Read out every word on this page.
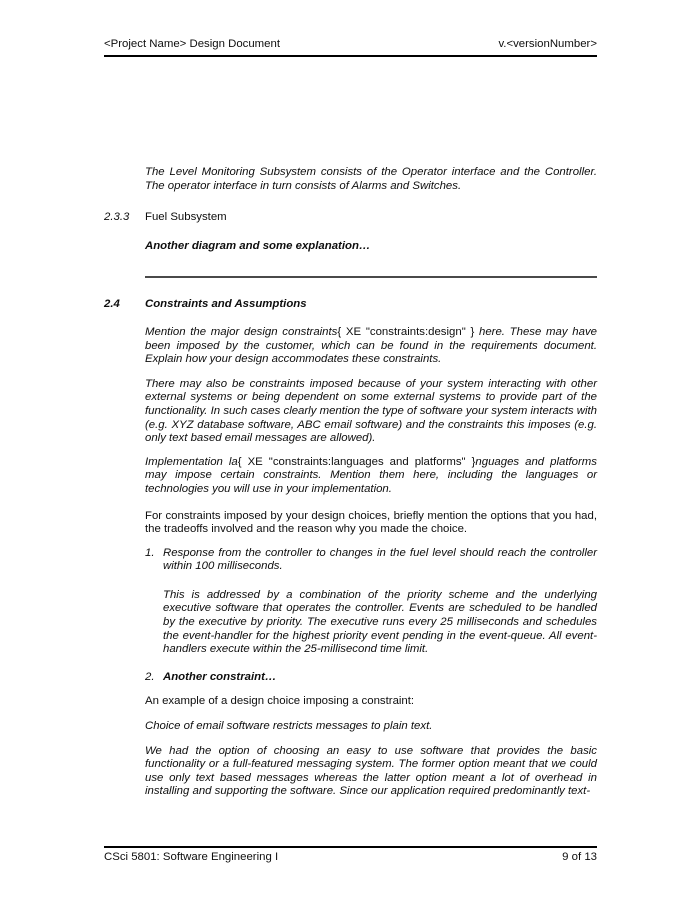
<Project Name> Design Document	v.<versionNumber>

The Level Monitoring Subsystem consists of the Operator interface and the Controller. The operator interface in turn consists of Alarms and Switches.

2.3.3 Fuel Subsystem

Another diagram and some explanation…

2.4 Constraints and Assumptions

Mention the major design constraints{ XE "constraints:design" } here. These may have been imposed by the customer, which can be found in the requirements document. Explain how your design accommodates these constraints.

There may also be constraints imposed because of your system interacting with other external systems or being dependent on some external systems to provide part of the functionality. In such cases clearly mention the type of software your system interacts with (e.g. XYZ database software, ABC email software) and the constraints this imposes (e.g. only text based email messages are allowed).

Implementation la{ XE "constraints:languages and platforms" }nguages and platforms may impose certain constraints. Mention them here, including the languages or technologies you will use in your implementation.

For constraints imposed by your design choices, briefly mention the options that you had, the tradeoffs involved and the reason why you made the choice.

1. Response from the controller to changes in the fuel level should reach the controller within 100 milliseconds.

This is addressed by a combination of the priority scheme and the underlying executive software that operates the controller. Events are scheduled to be handled by the executive by priority. The executive runs every 25 milliseconds and schedules the event-handler for the highest priority event pending in the event-queue. All event-handlers execute within the 25-millisecond time limit.

2. Another constraint…

An example of a design choice imposing a constraint:

Choice of email software restricts messages to plain text.

We had the option of choosing an easy to use software that provides the basic functionality or a full-featured messaging system. The former option meant that we could use only text based messages whereas the latter option meant a lot of overhead in installing and supporting the software. Since our application required predominantly text-

CSci 5801: Software Engineering I	9 of 13
